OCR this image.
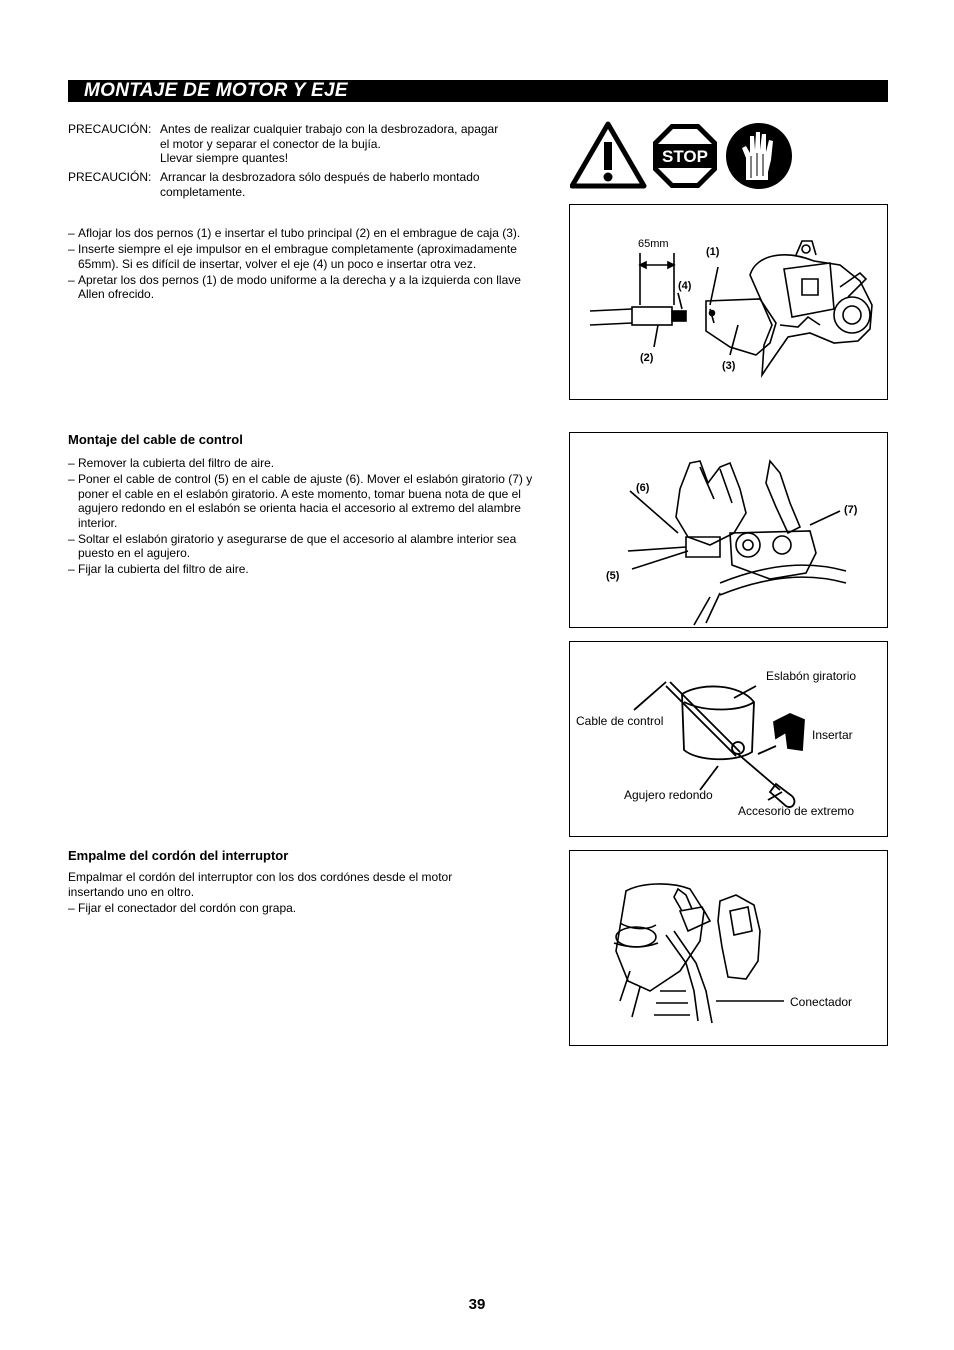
MONTAJE DE MOTOR Y EJE
PRECAUCIÓN: Antes de realizar cualquier trabajo con la desbrozadora, apagar
el motor y separar el conector de la bujía.
Llevar siempre quantes!
PRECAUCIÓN: Arrancar la desbrozadora sólo después de haberlo montado
completamente.
STOP
– Aflojar los dos pernos (1) e insertar el tubo principal (2) en el embrague de caja (3).
– Inserte siempre el eje impulsor en el embrague completamente (aproximadamente 65mm). Si es difícil de insertar, volver el eje (4) un poco e insertar otra vez.
– Apretar los dos pernos (1) de modo uniforme a la derecha y a la izquierda con llave Allen ofrecido.
65mm
(1)
(2)
(3)
(4)
Montaje del cable de control
– Remover la cubierta del filtro de aire.
– Poner el cable de control (5) en el cable de ajuste (6). Mover el eslabón giratorio (7) y poner el cable en el eslabón giratorio. A este momento, tomar buena nota de que el agujero redondo en el eslabón se orienta hacia el accesorio al extremo del alambre interior.
– Soltar el eslabón giratorio y asegurarse de que el accesorio al alambre interior sea puesto en el agujero.
– Fijar la cubierta del filtro de aire.
(6)
(7)
(5)
Eslabón giratorio
Cable de control
Insertar
Agujero redondo
Accesorio de extremo
Empalme del cordón del interruptor
Empalmar el cordón del interruptor con los dos cordónes desde el motor
insertando uno en oltro.
– Fijar el conectador del cordón con grapa.
Conectador
39
